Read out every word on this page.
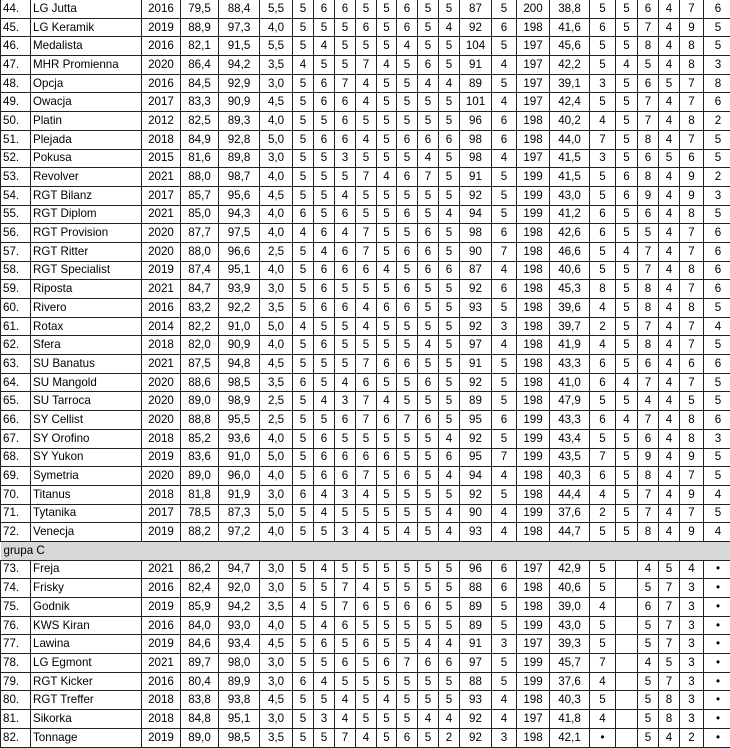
44.	LG Jutta	2016	79,5	88,4	5,5	5	6	6	5	5	6	5	5	87	5	200	38,8	5	5	6	4	7	6	
45.	LG Keramik	2019	88,9	97,3	4,0	5	5	5	6	5	6	5	4	92	6	198	41,6	6	5	7	4	9	5	
46.	Medalista	2016	82,1	91,5	5,5	5	4	5	5	5	4	5	5	104	5	197	45,6	5	5	8	4	8	5	
47.	MHR Promienna	2020	86,4	94,2	3,5	4	5	5	7	4	5	6	5	91	4	197	42,2	5	4	5	4	8	3	
48.	Opcja	2016	84,5	92,9	3,0	5	6	7	4	5	5	4	4	89	5	197	39,1	3	5	6	5	7	8	
49.	Owacja	2017	83,3	90,9	4,5	5	6	6	4	5	5	5	5	101	4	197	42,4	5	5	7	4	7	6	
50.	Platin	2012	82,5	89,3	4,0	5	5	6	5	5	5	5	5	96	6	198	40,2	4	5	7	4	8	2	
51.	Plejada	2018	84,9	92,8	5,0	5	6	6	4	5	6	6	6	98	6	198	44,0	7	5	8	4	7	5	
52.	Pokusa	2015	81,6	89,8	3,0	5	5	3	5	5	5	4	5	98	4	197	41,5	3	5	6	5	6	5	
53.	Revolver	2021	88,0	98,7	4,0	5	5	5	7	4	6	7	5	91	5	199	41,5	5	6	8	4	9	2	
54.	RGT Bilanz	2017	85,7	95,6	4,5	5	5	4	5	5	5	5	5	92	5	199	43,0	5	6	9	4	9	3	
55.	RGT Diplom	2021	85,0	94,3	4,0	6	5	6	5	5	6	5	4	94	5	199	41,2	6	5	6	4	8	5	
56.	RGT Provision	2020	87,7	97,5	4,0	4	6	4	7	5	5	6	5	98	6	198	42,6	6	5	5	4	7	6	
57.	RGT Ritter	2020	88,0	96,6	2,5	5	4	6	7	5	6	6	5	90	7	198	46,6	5	4	7	4	7	6	
58.	RGT Specialist	2019	87,4	95,1	4,0	5	6	6	6	4	5	6	6	87	4	198	40,6	5	5	7	4	8	6	
59.	Riposta	2021	84,7	93,9	3,0	5	6	5	5	5	6	5	5	92	6	198	45,3	8	5	8	4	7	6	
60.	Rivero	2016	83,2	92,2	3,5	5	6	6	4	6	6	5	5	93	5	198	39,6	4	5	8	4	8	5	
61.	Rotax	2014	82,2	91,0	5,0	4	5	5	4	5	5	5	5	92	3	198	39,7	2	5	7	4	7	4	
62.	Sfera	2018	82,0	90,9	4,0	5	6	5	5	5	5	4	5	97	4	198	41,9	4	5	8	4	7	5	
63.	SU Banatus	2021	87,5	94,8	4,5	5	5	5	7	6	6	5	5	91	5	198	43,3	6	5	6	4	6	6	
64.	SU Mangold	2020	88,6	98,5	3,5	6	5	4	6	5	5	6	5	92	5	198	41,0	6	4	7	4	7	5	
65.	SU Tarroca	2020	89,0	98,9	2,5	5	4	3	7	4	5	5	5	89	5	198	47,9	5	5	4	4	5	5	
66.	SY Cellist	2020	88,8	95,5	2,5	5	5	6	7	6	7	6	5	95	6	199	43,3	6	4	7	4	8	6	
67.	SY Orofino	2018	85,2	93,6	4,0	5	6	5	5	5	5	5	4	92	5	199	43,4	5	5	6	4	8	3	
68.	SY Yukon	2019	83,6	91,0	5,0	5	6	6	6	6	5	5	6	95	7	199	43,5	7	5	9	4	9	5	
69.	Symetria	2020	89,0	96,0	4,0	5	6	6	7	5	6	5	4	94	4	198	40,3	6	5	8	4	7	5	
70.	Titanus	2018	81,8	91,9	3,0	6	4	3	4	5	5	5	5	92	5	198	44,4	4	5	7	4	9	4	
71.	Tytanika	2017	78,5	87,3	5,0	5	4	5	5	5	5	5	4	90	4	199	37,6	2	5	7	4	7	5	
72.	Venecja	2019	88,2	97,2	4,0	5	5	3	4	5	4	5	4	93	4	198	44,7	5	5	8	4	9	4	
grupa C																								
73.	Freja	2021	86,2	94,7	3,0	5	4	5	5	5	5	5	5	96	6	197	42,9	5		4	5	4	•	
74.	Frisky	2016	82,4	92,0	3,0	5	5	7	4	5	5	5	5	88	6	198	40,6	5		5	7	3	•	
75.	Godnik	2019	85,9	94,2	3,5	4	5	7	6	5	6	6	5	89	5	198	39,0	4		6	7	3	•	
76.	KWS Kiran	2016	84,0	93,0	4,0	5	4	6	5	5	5	5	5	89	5	199	43,0	5		5	7	3	•	
77.	Lawina	2019	84,6	93,4	4,5	5	6	5	6	5	5	4	4	91	3	197	39,3	5		5	7	3	•	
78.	LG Egmont	2021	89,7	98,0	3,0	5	5	6	5	6	7	6	6	97	5	199	45,7	7		4	5	3	•	
79.	RGT Kicker	2016	80,4	89,9	3,0	6	4	5	5	5	5	5	5	88	5	199	37,6	4		5	7	3	•	
80.	RGT Treffer	2018	83,8	93,8	4,5	5	5	4	5	4	5	5	5	93	4	198	40,3	5		5	8	3	•	
81.	Sikorka	2018	84,8	95,1	3,0	5	3	4	5	5	5	4	4	92	4	197	41,8	4		5	8	3	•	
82.	Tonnage	2019	89,0	98,5	3,5	5	5	7	4	5	6	5	2	92	3	198	42,1	•		5	4	2	•	
